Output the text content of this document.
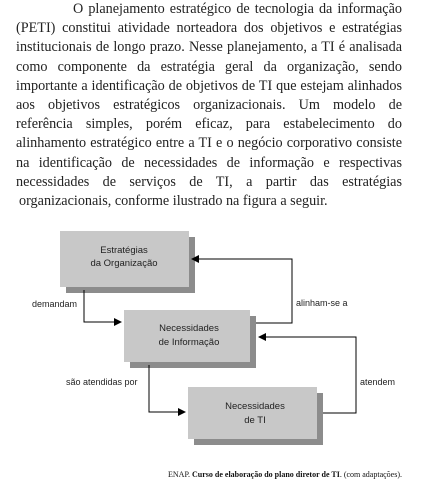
O planejamento estratégico de tecnologia da informação
(PETI) constitui atividade norteadora dos objetivos e estratégias
institucionais de longo prazo. Nesse planejamento, a TI é analisada
como componente da estratégia geral da organização, sendo
importante a identificação de objetivos de TI que estejam alinhados
aos objetivos estratégicos organizacionais. Um modelo de
referência simples, porém eficaz, para estabelecimento do
alinhamento estratégico entre a TI e o negócio corporativo consiste
na identificação de necessidades de informação e respectivas
necessidades de serviços de TI, a partir das estratégias
organizacionais, conforme ilustrado na figura a seguir.
Estratégias
da Organização
Necessidades
de Informação
Necessidades
de TI
demandam	alinham-se a
são atendidas por	atendem
ENAP. Curso de elaboração do plano diretor de TI. (com adaptações).
